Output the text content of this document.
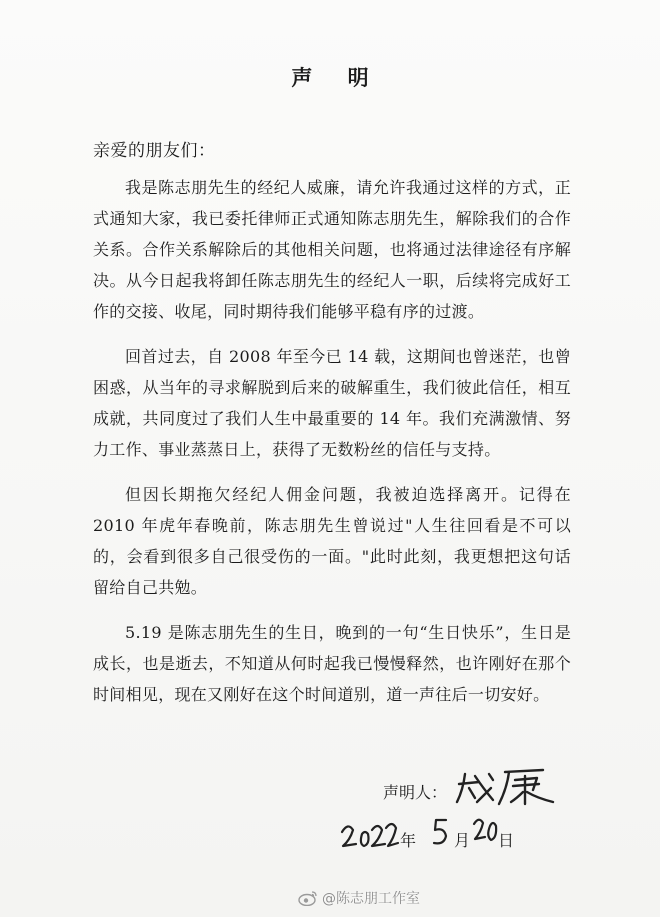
声 明
亲爱的朋友们：

我是陈志朋先生的经纪人威廉，请允许我通过这样的方式，正式通知大家，我已委托律师正式通知陈志朋先生，解除我们的合作关系。合作关系解除后的其他相关问题，也将通过法律途径有序解决。从今日起我将卸任陈志朋先生的经纪人一职，后续将完成好工作的交接、收尾，同时期待我们能够平稳有序的过渡。

回首过去，自 2008 年至今已 14 载，这期间也曾迷茫，也曾困惑，从当年的寻求解脱到后来的破解重生，我们彼此信任，相互成就，共同度过了我们人生中最重要的 14 年。我们充满激情、努力工作、事业蒸蒸日上，获得了无数粉丝的信任与支持。

但因长期拖欠经纪人佣金问题，我被迫选择离开。记得在 2010 年虎年春晚前，陈志朋先生曾说过"人生往回看是不可以的，会看到很多自己很受伤的一面。"此时此刻，我更想把这句话留给自己共勉。

5.19 是陈志朋先生的生日，晚到的一句“生日快乐”，生日是成长，也是逝去，不知道从何时起我已慢慢释然，也许刚好在那个时间相见，现在又刚好在这个时间道别，道一声往后一切安好。

声明人：
年 月 日
@陈志朋工作室
